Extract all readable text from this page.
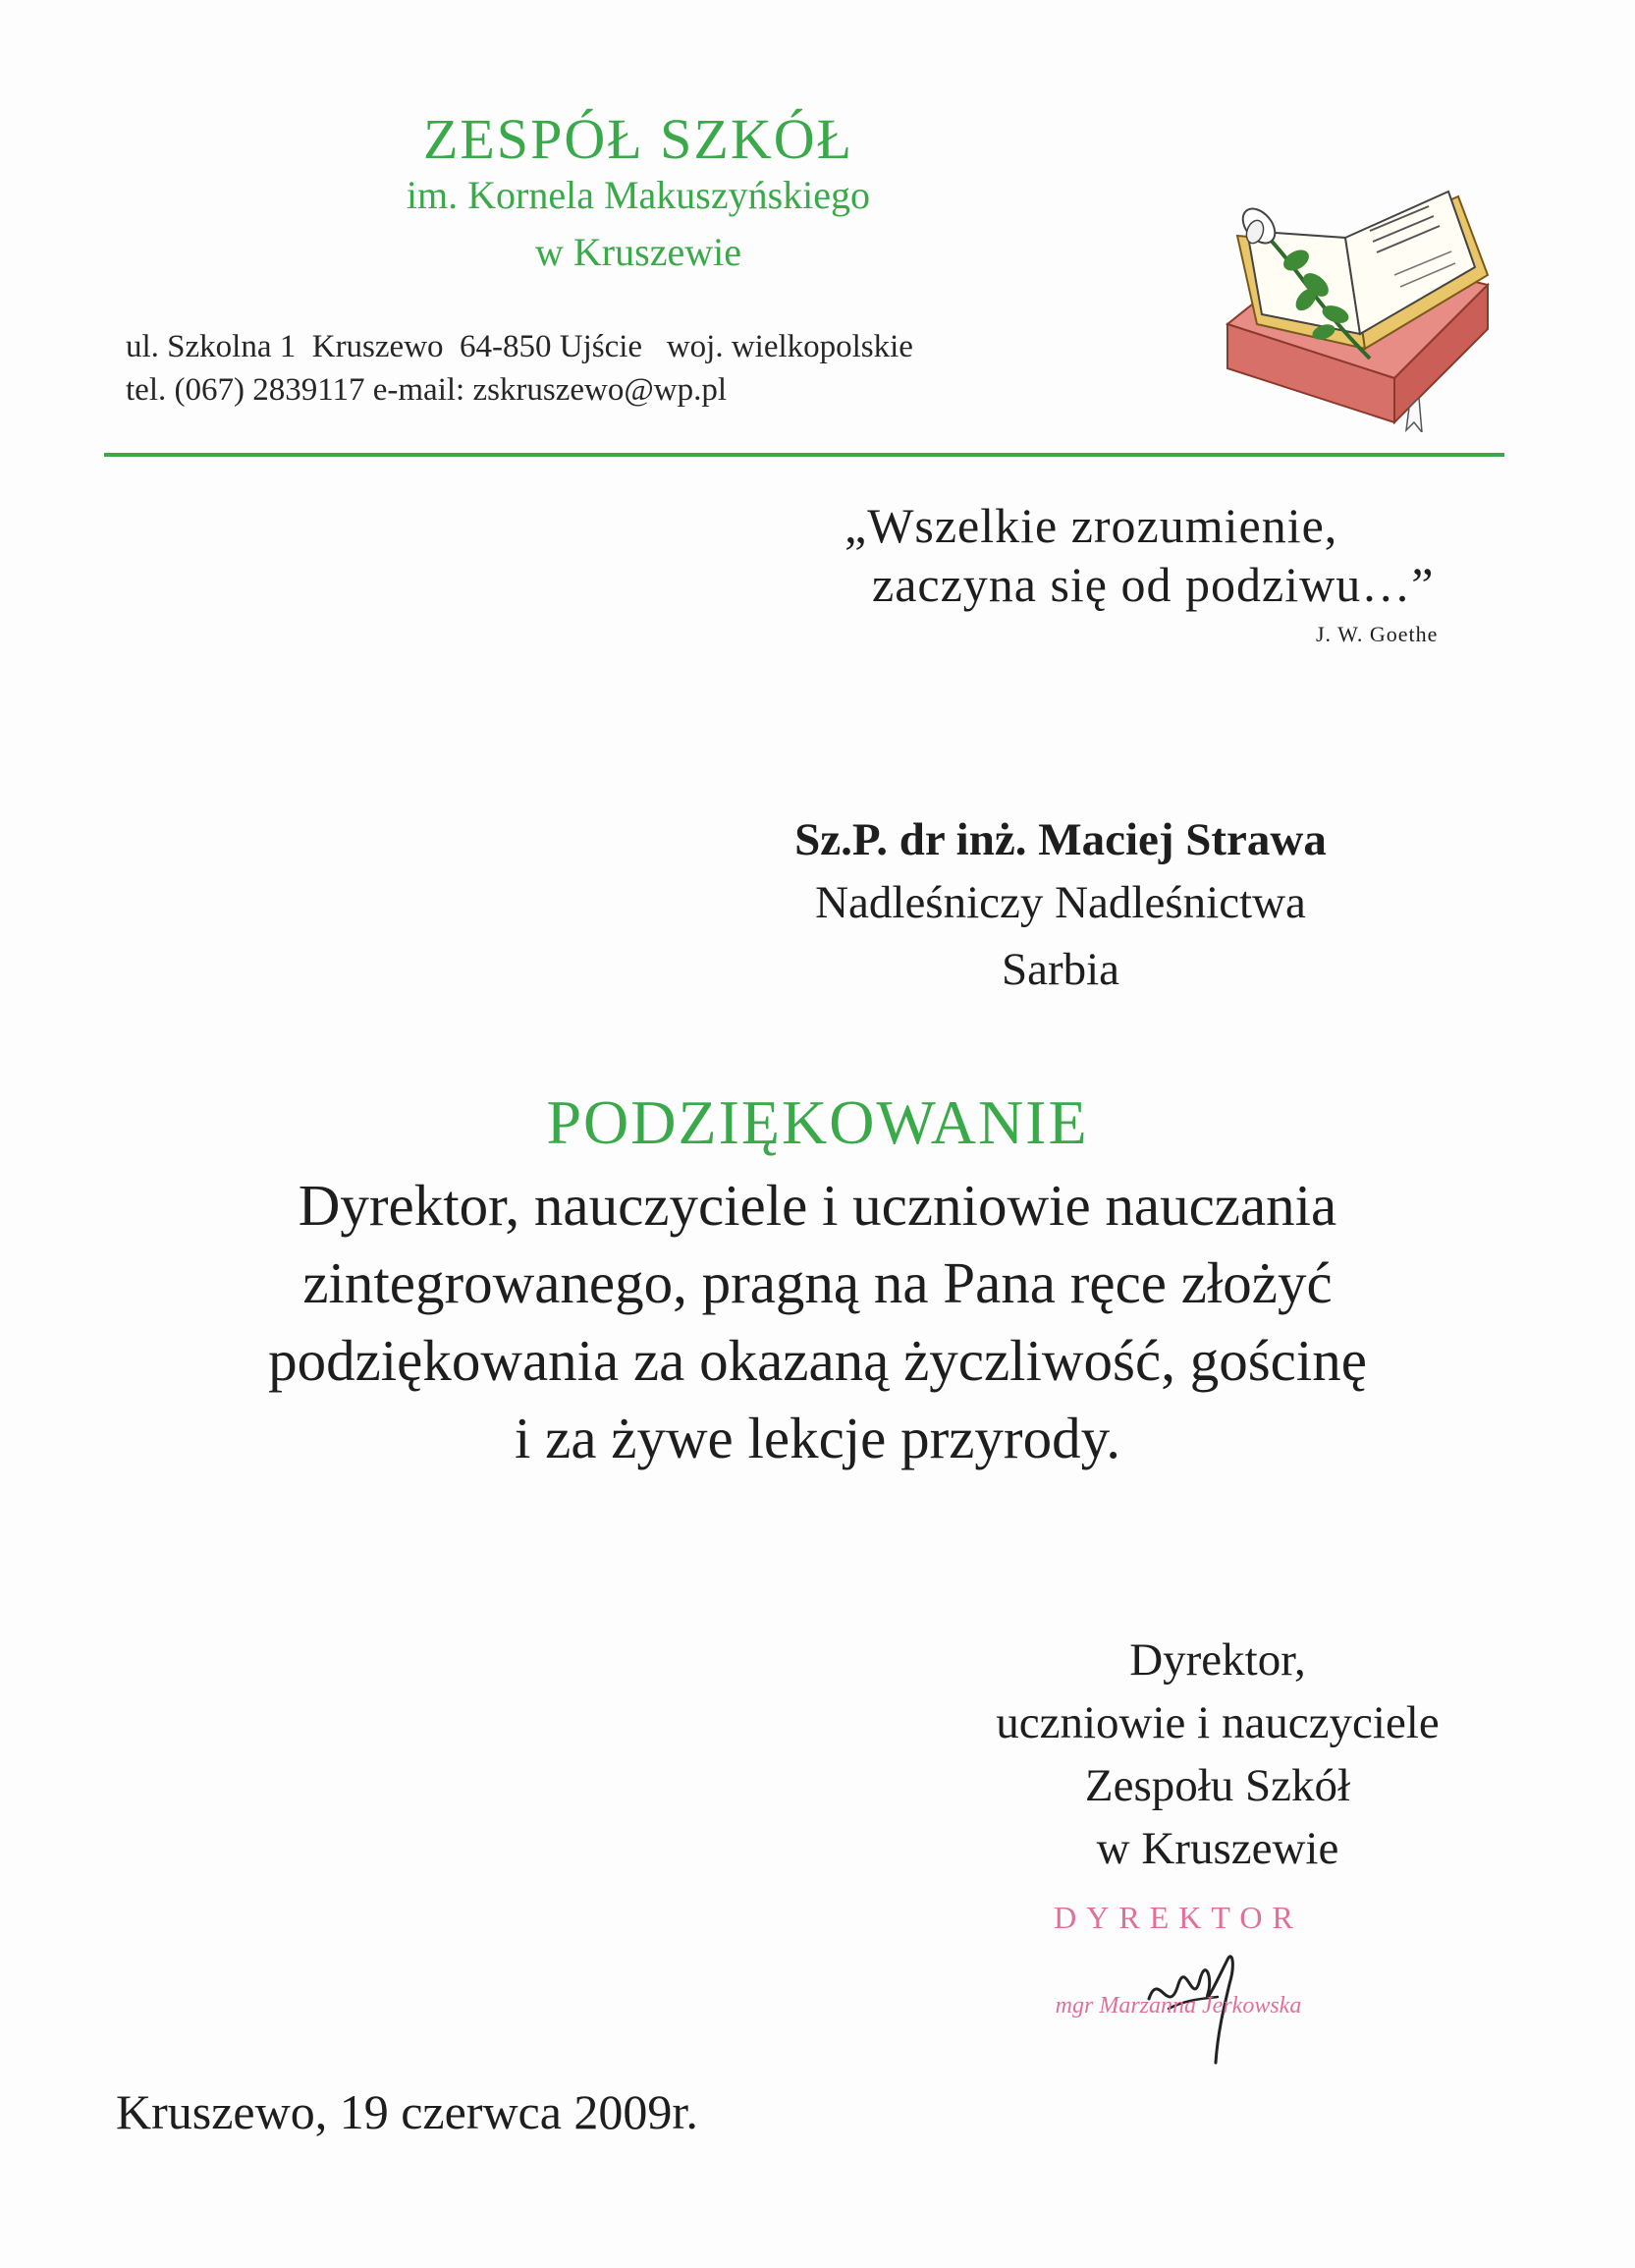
ZESPÓŁ SZKÓŁ
im. Kornela Makuszyńskiego
w Kruszewie
ul. Szkolna 1  Kruszewo  64-850 Ujście   woj. wielkopolskie
tel. (067) 2839117 e-mail: zskruszewo@wp.pl
„Wszelkie zrozumienie,
zaczyna się od podziwu…”
J. W. Goethe
Sz.P. dr inż. Maciej Strawa
Nadleśniczy Nadleśnictwa
Sarbia
PODZIĘKOWANIE
Dyrektor, nauczyciele i uczniowie nauczania
zintegrowanego, pragną na Pana ręce złożyć
podziękowania za okazaną życzliwość, gościnę
i za żywe lekcje przyrody.
Dyrektor,
uczniowie i nauczyciele
Zespołu Szkół
w Kruszewie
DYREKTOR
mgr Marzanna Jerkowska
Kruszewo, 19 czerwca 2009r.
